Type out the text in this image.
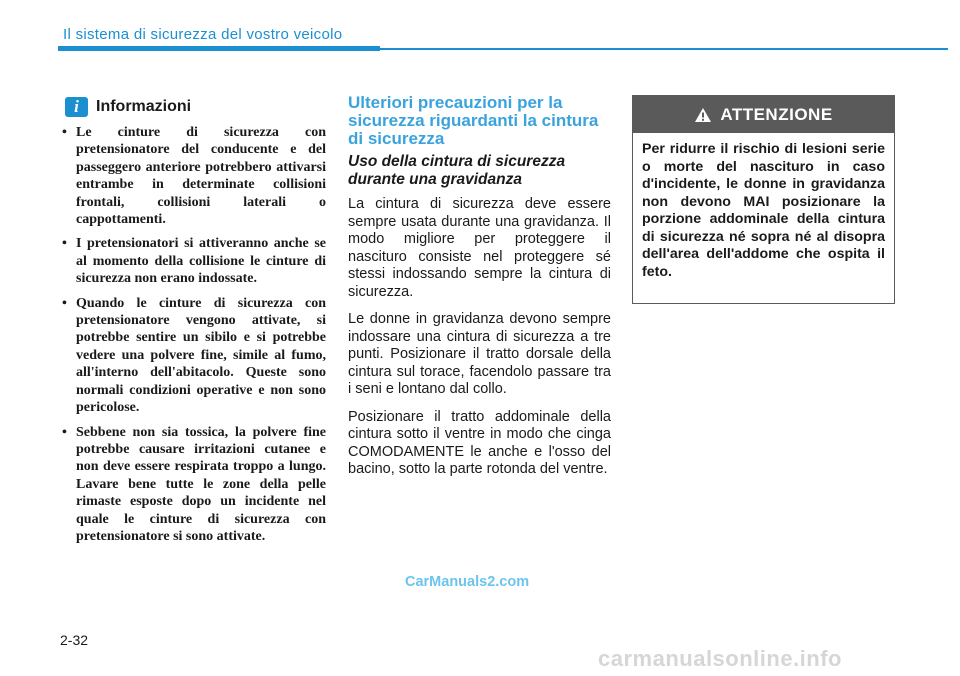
Il sistema di sicurezza del vostro veicolo
i	Informazioni
• Le cinture di sicurezza con pretensionatore del conducente e del passeggero anteriore potrebbero attivarsi entrambe in determinate collisioni frontali, collisioni laterali o cappottamenti.
• I pretensionatori si attiveranno anche se al momento della collisione le cinture di sicurezza non erano indossate.
• Quando le cinture di sicurezza con pretensionatore vengono attivate, si potrebbe sentire un sibilo e si potrebbe vedere una polvere fine, simile al fumo, all'interno dell'abitacolo. Queste sono normali condizioni operative e non sono pericolose.
• Sebbene non sia tossica, la polvere fine potrebbe causare irritazioni cutanee e non deve essere respirata troppo a lungo. Lavare bene tutte le zone della pelle rimaste esposte dopo un incidente nel quale le cinture di sicurezza con pretensionatore si sono attivate.
Ulteriori precauzioni per la sicurezza riguardanti la cintura di sicurezza
Uso della cintura di sicurezza durante una gravidanza

La cintura di sicurezza deve essere sempre usata durante una gravidanza. Il modo migliore per proteggere il nascituro consiste nel proteggere sé stessi indossando sempre la cintura di sicurezza.

Le donne in gravidanza devono sempre indossare una cintura di sicurezza a tre punti. Posizionare il tratto dorsale della cintura sul torace, facendolo passare tra i seni e lontano dal collo.

Posizionare il tratto addominale della cintura sotto il ventre in modo che cinga COMODAMENTE le anche e l'osso del bacino, sotto la parte rotonda del ventre.

ATTENZIONE
Per ridurre il rischio di lesioni serie o morte del nascituro in caso d'incidente, le donne in gravidanza non devono MAI posizionare la porzione addominale della cintura di sicurezza né sopra né al disopra dell'area dell'addome che ospita il feto.
CarManuals2.com
2-32
carmanualsonline.info
